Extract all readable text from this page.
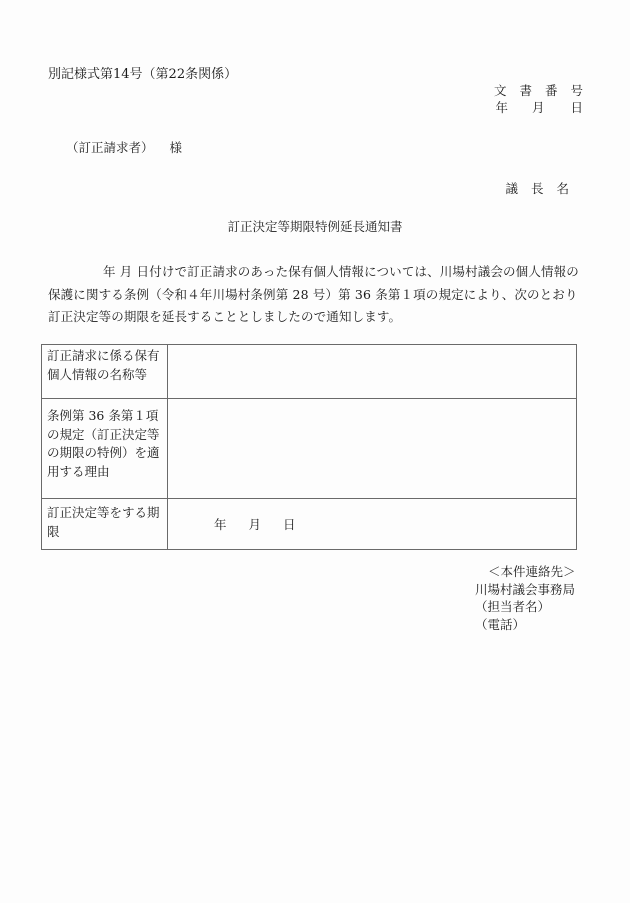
別記様式第14号（第22条関係）
文書番号
年 月 日
（訂正請求者） 様
議長名
訂正決定等期限特例延長通知書
年 月 日付けで訂正請求のあった保有個人情報については、川場村議会の個人情報の保護に関する条例（令和４年川場村条例第 28 号）第 36 条第１項の規定により、次のとおり訂正決定等の期限を延長することとしましたので通知します。
訂正請求に係る保有個人情報の名称等	
条例第 36 条第１項の規定（訂正決定等の期限の特例）を適用する理由	
訂正決定等をする期限	年 月 日
＜本件連絡先＞
川場村議会事務局
（担当者名）
（電話）
